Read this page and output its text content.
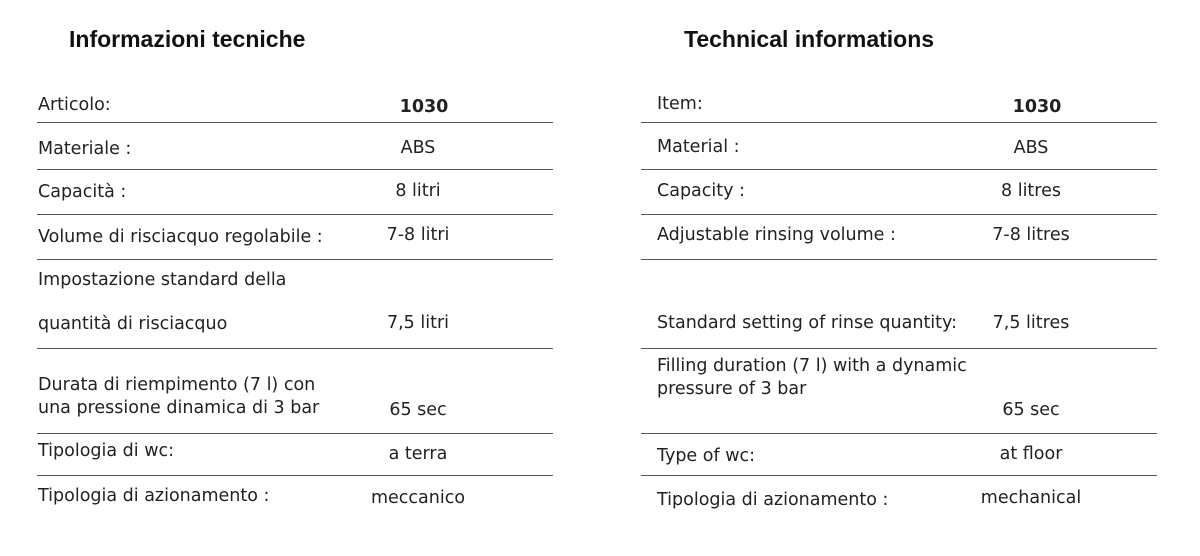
Informazioni tecniche
Articolo:	1030
Materiale :	ABS
Capacità :	8 litri
Volume di risciacquo regolabile :	7-8 litri
Impostazione standard della
quantità di risciacquo	7,5 litri
Durata di riempimento (7 l) con
una pressione dinamica di 3 bar	65 sec
Tipologia di wc:	a terra
Tipologia di azionamento :	meccanico
Technical informations
Item:	1030
Material :	ABS
Capacity :	8 litres
Adjustable rinsing volume :	7-8 litres
Standard setting of rinse quantity: 7,5 litres
Filling duration (7 l) with a dynamic
pressure of 3 bar
65 sec
Type of wc:	at floor
Tipologia di azionamento :	mechanical
